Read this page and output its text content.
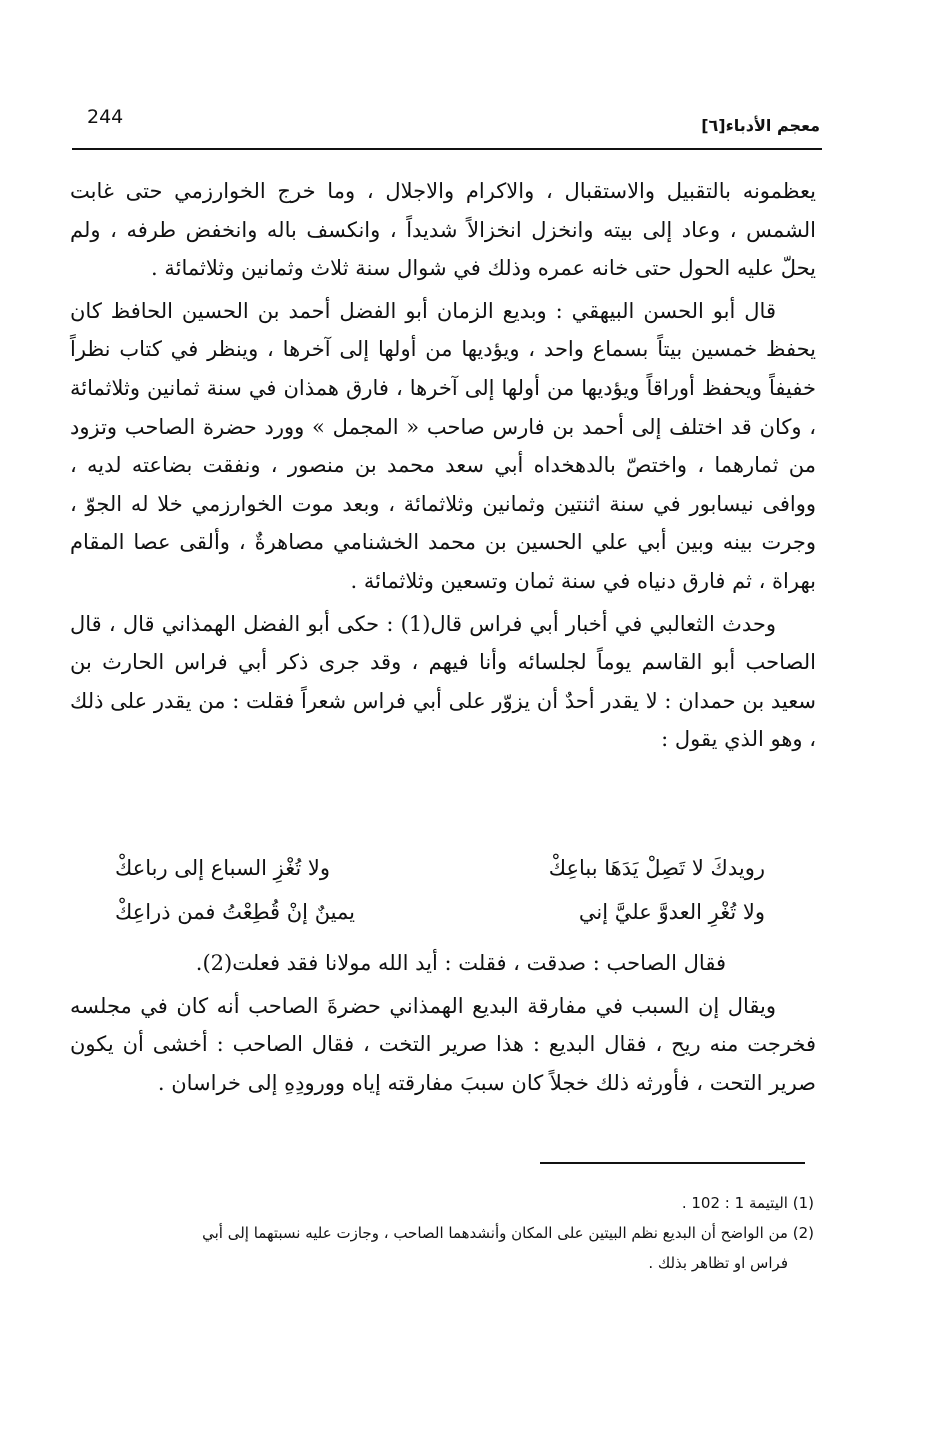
244	معجم الأدباء[٦]

يعظمونه بالتقبيل والاستقبال ، والاكرام والاجلال ، وما خرج الخوارزمي حتى غابت الشمس ، وعاد إلى بيته وانخزل انخزالاً شديداً ، وانكسف باله وانخفض طرفه ، ولم يحلّ عليه الحول حتى خانه عمره وذلك في شوال سنة ثلاث وثمانين وثلاثمائة .

قال أبو الحسن البيهقي : وبديع الزمان أبو الفضل أحمد بن الحسين الحافظ كان يحفظ خمسين بيتاً بسماع واحد ، ويؤديها من أولها إلى آخرها ، وينظر في كتاب نظراً خفيفاً ويحفظ أوراقاً ويؤديها من أولها إلى آخرها ، فارق همذان في سنة ثمانين وثلاثمائة ، وكان قد اختلف إلى أحمد بن فارس صاحب « المجمل » وورد حضرة الصاحب وتزود من ثمارهما ، واختصّ بالدهخداه أبي سعد محمد بن منصور ، ونفقت بضاعته لديه ، ووافى نيسابور في سنة اثنتين وثمانين وثلاثمائة ، وبعد موت الخوارزمي خلا له الجوّ ، وجرت بينه وبين أبي علي الحسين بن محمد الخشنامي مصاهرةٌ ، وألقى عصا المقام بهراة ، ثم فارق دنياه في سنة ثمان وتسعين وثلاثمائة .

وحدث الثعالبي في أخبار أبي فراس قال(1) : حكى أبو الفضل الهمذاني قال ، قال الصاحب أبو القاسم يوماً لجلسائه وأنا فيهم ، وقد جرى ذكر أبي فراس الحارث بن سعيد بن حمدان : لا يقدر أحدٌ أن يزوّر على أبي فراس شعراً فقلت : من يقدر على ذلك ، وهو الذي يقول :

رويدكَ لا تَصِلْ يَدَهَا بباعِكْ
ولا تُغْزِ السباع إلى رباعكْ
ولا تُغْرِ العدوَّ عليَّ إني
يمينٌ إنْ قُطِعْتُ فمن ذراعِكْ

فقال الصاحب : صدقت ، فقلت : أيد الله مولانا فقد فعلت(2).

ويقال إن السبب في مفارقة البديع الهمذاني حضرةَ الصاحب أنه كان في مجلسه فخرجت منه ريح ، فقال البديع : هذا صرير التخت ، فقال الصاحب : أخشى أن يكون صرير التحت ، فأورثه ذلك خجلاً كان سببَ مفارقته إياه وورودِهِ إلى خراسان .

(1) اليتيمة 1 : 102 .

(2) من الواضح أن البديع نظم البيتين على المكان وأنشدهما الصاحب ، وجازت عليه نسبتهما إلى أبي

فراس او تظاهر بذلك .
